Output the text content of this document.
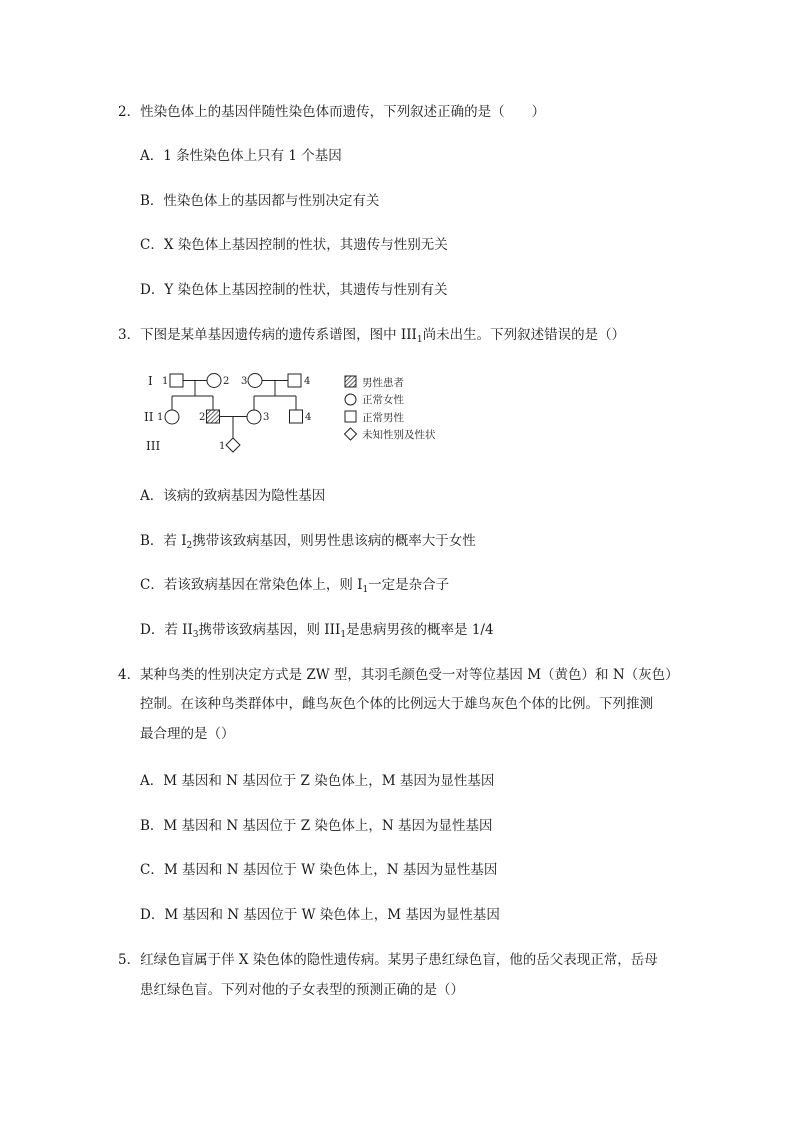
2．性染色体上的基因伴随性染色体而遗传，下列叙述正确的是（　　）
A．1 条性染色体上只有 1 个基因
B．性染色体上的基因都与性别决定有关
C．X 染色体上基因控制的性状，其遗传与性别无关
D．Y 染色体上基因控制的性状，其遗传与性别有关
3．下图是某单基因遗传病的遗传系谱图，图中 $III_1$尚未出生。下列叙述错误的是（）
I
II
III
1	2 3	4
1	2	3	4
1
男性患者
正常女性
正常男性
未知性别及性状
A．该病的致病基因为隐性基因
B．若 $I_2$携带该致病基因，则男性患该病的概率大于女性
C．若该致病基因在常染色体上，则 $I_1$一定是杂合子
D．若 $II_3$携带该致病基因，则 $III_1$是患病男孩的概率是 1/4
4．某种鸟类的性别决定方式是 ZW 型，其羽毛颜色受一对等位基因 M（黄色）和 N（灰色）
控制。在该种鸟类群体中，雌鸟灰色个体的比例远大于雄鸟灰色个体的比例。下列推测
最合理的是（）
A．M 基因和 N 基因位于 Z 染色体上，M 基因为显性基因
B．M 基因和 N 基因位于 Z 染色体上，N 基因为显性基因
C．M 基因和 N 基因位于 W 染色体上，N 基因为显性基因
D．M 基因和 N 基因位于 W 染色体上，M 基因为显性基因
5．红绿色盲属于伴 X 染色体的隐性遗传病。某男子患红绿色盲，他的岳父表现正常，岳母
患红绿色盲。下列对他的子女表型的预测正确的是（）
